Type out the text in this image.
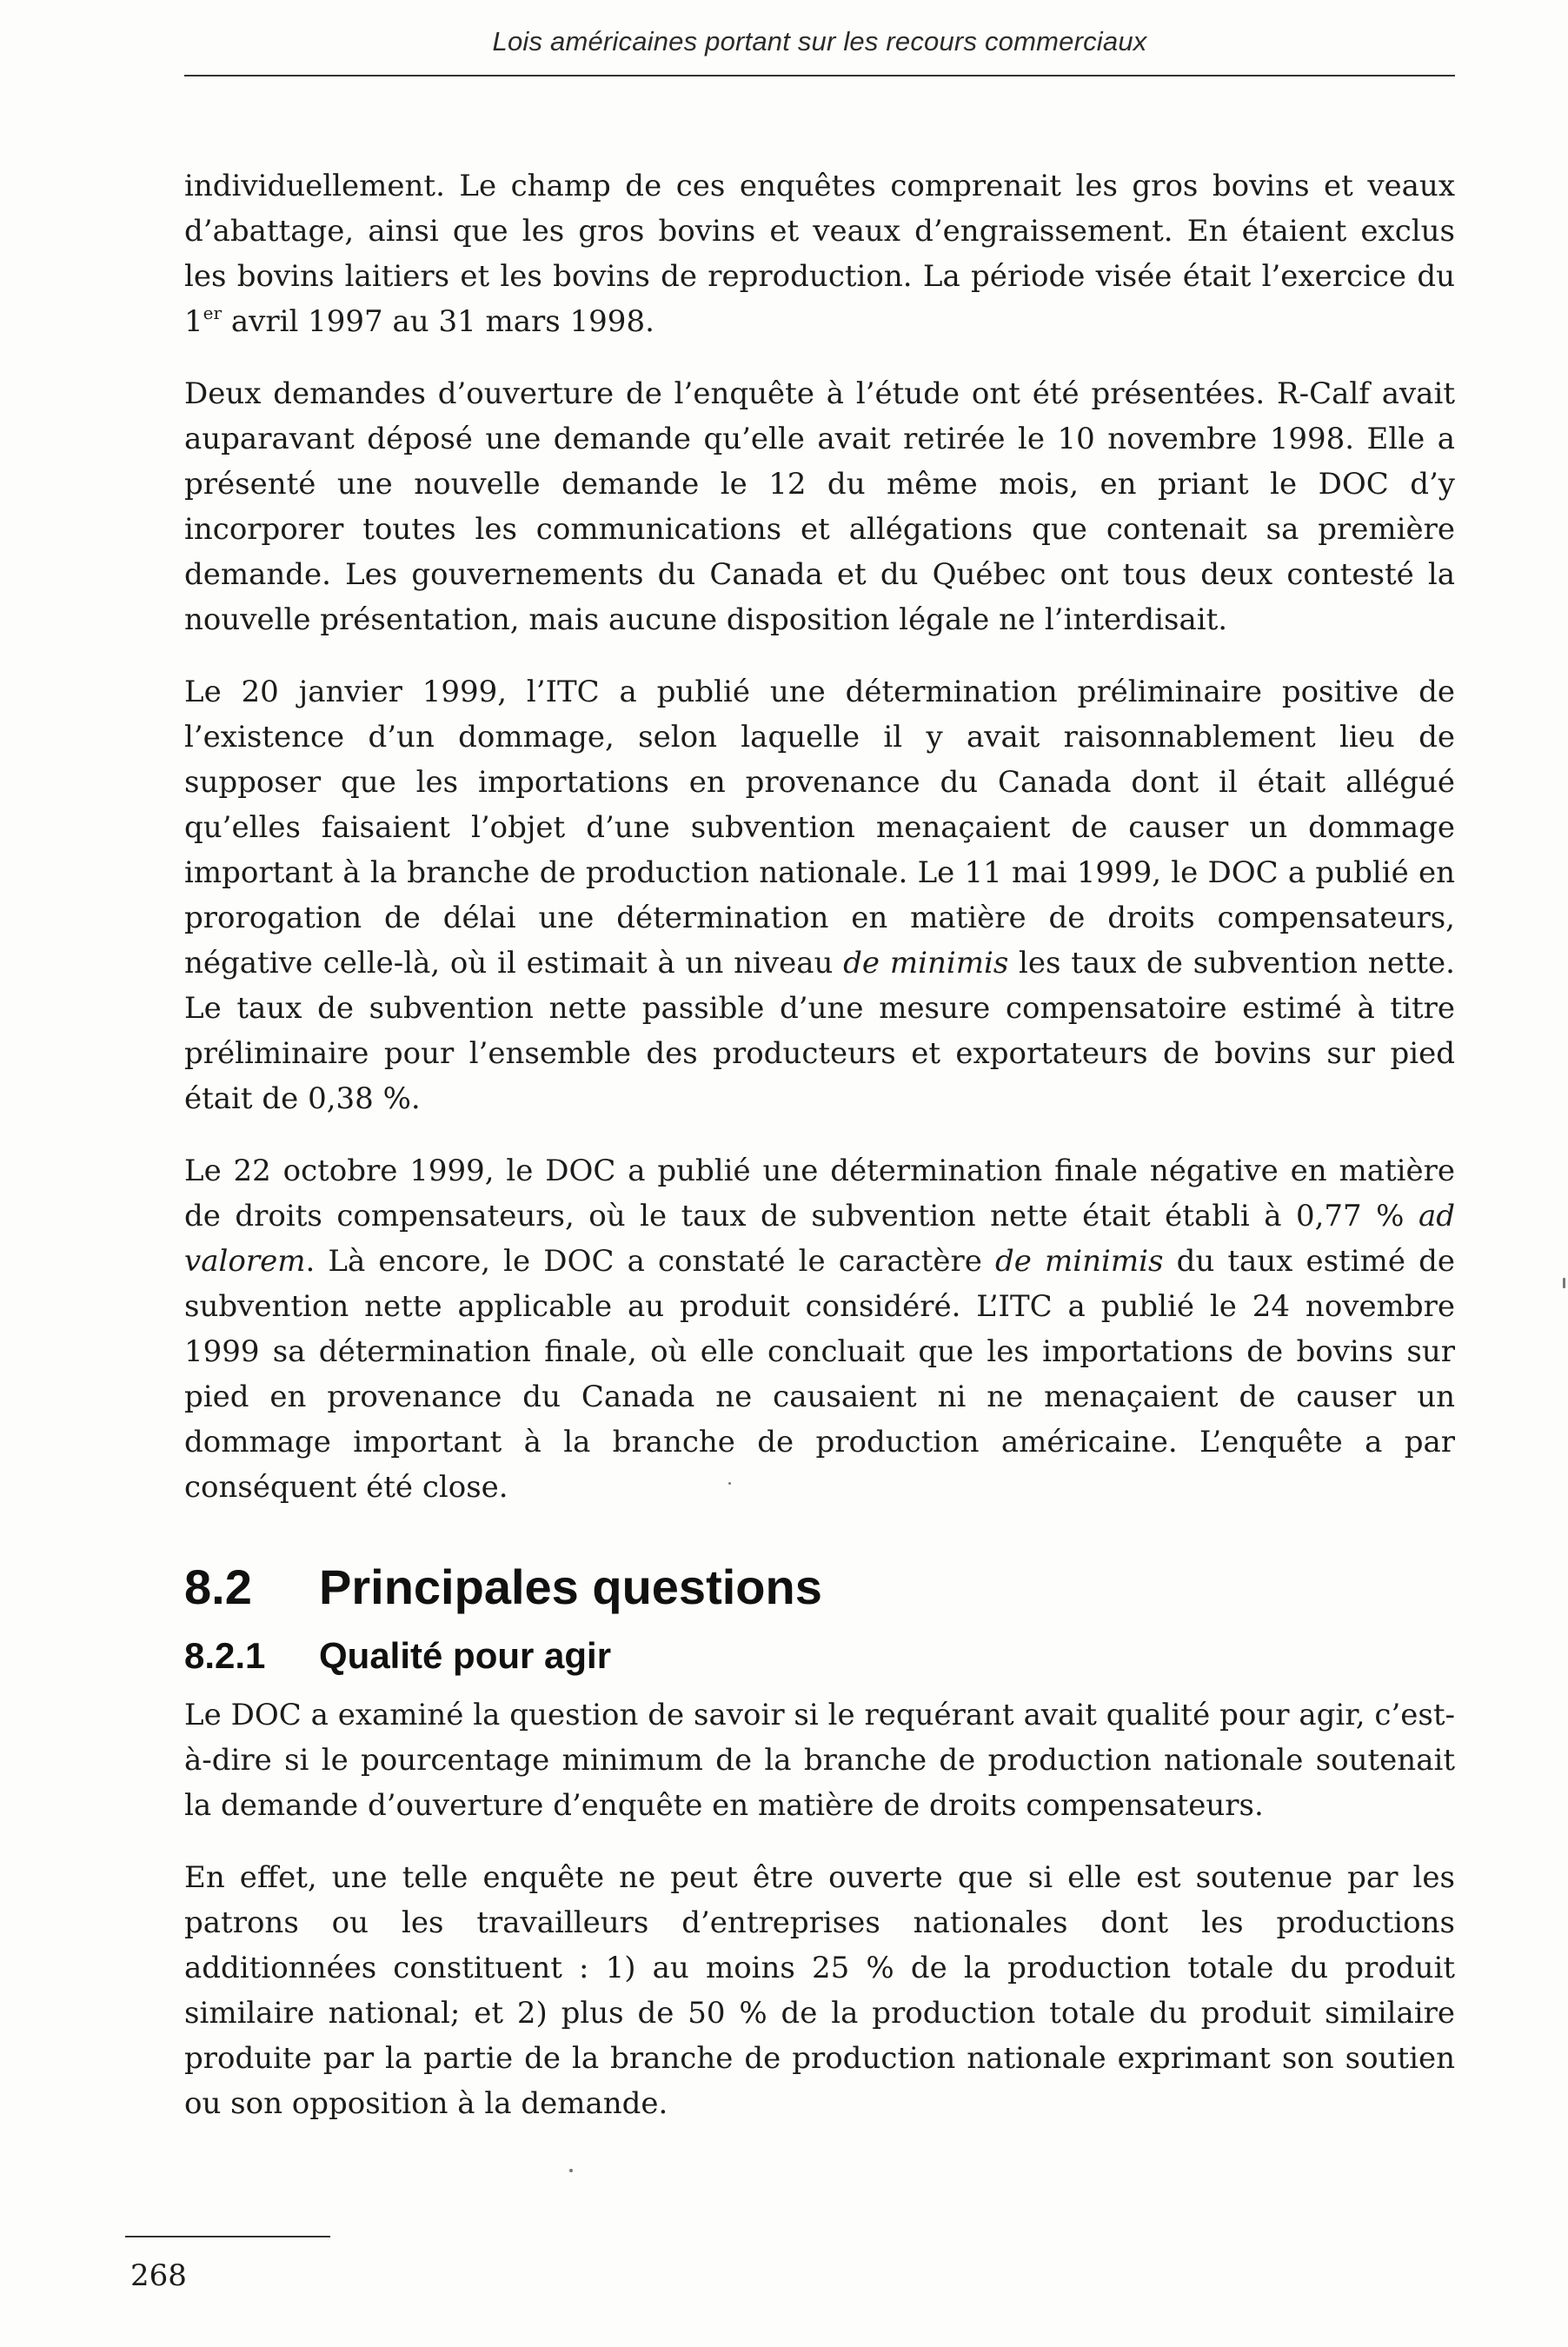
Lois américaines portant sur les recours commerciaux

individuellement. Le champ de ces enquêtes comprenait les gros bovins et veaux d’abattage, ainsi que les gros bovins et veaux d’engraissement. En étaient exclus les bovins laitiers et les bovins de reproduction. La période visée était l’exercice du 1er avril 1997 au 31 mars 1998.

Deux demandes d’ouverture de l’enquête à l’étude ont été présentées. R-Calf avait auparavant déposé une demande qu’elle avait retirée le 10 novembre 1998. Elle a présenté une nouvelle demande le 12 du même mois, en priant le DOC d’y incorporer toutes les communications et allégations que contenait sa première demande. Les gouvernements du Canada et du Québec ont tous deux contesté la nouvelle présentation, mais aucune disposition légale ne l’interdisait.

Le 20 janvier 1999, l’ITC a publié une détermination préliminaire positive de l’existence d’un dommage, selon laquelle il y avait raisonnablement lieu de supposer que les importations en provenance du Canada dont il était allégué qu’elles faisaient l’objet d’une subvention menaçaient de causer un dommage important à la branche de production nationale. Le 11 mai 1999, le DOC a publié en prorogation de délai une détermination en matière de droits compensateurs, négative celle-là, où il estimait à un niveau de minimis les taux de subvention nette. Le taux de subvention nette passible d’une mesure compensatoire estimé à titre préliminaire pour l’ensemble des producteurs et exportateurs de bovins sur pied était de 0,38 %.

Le 22 octobre 1999, le DOC a publié une détermination finale négative en matière de droits compensateurs, où le taux de subvention nette était établi à 0,77 % ad valorem. Là encore, le DOC a constaté le caractère de minimis du taux estimé de subvention nette applicable au produit considéré. L’ITC a publié le 24 novembre 1999 sa détermination finale, où elle concluait que les importations de bovins sur pied en provenance du Canada ne causaient ni ne menaçaient de causer un dommage important à la branche de production américaine. L’enquête a par conséquent été close.

8.2	Principales questions
8.2.1	Qualité pour agir

Le DOC a examiné la question de savoir si le requérant avait qualité pour agir, c’est-à-dire si le pourcentage minimum de la branche de production nationale soutenait la demande d’ouverture d’enquête en matière de droits compensateurs.

En effet, une telle enquête ne peut être ouverte que si elle est soutenue par les patrons ou les travailleurs d’entreprises nationales dont les productions additionnées constituent : 1) au moins 25 % de la production totale du produit similaire national; et 2) plus de 50 % de la production totale du produit similaire produite par la partie de la branche de production nationale exprimant son soutien ou son opposition à la demande.

268
